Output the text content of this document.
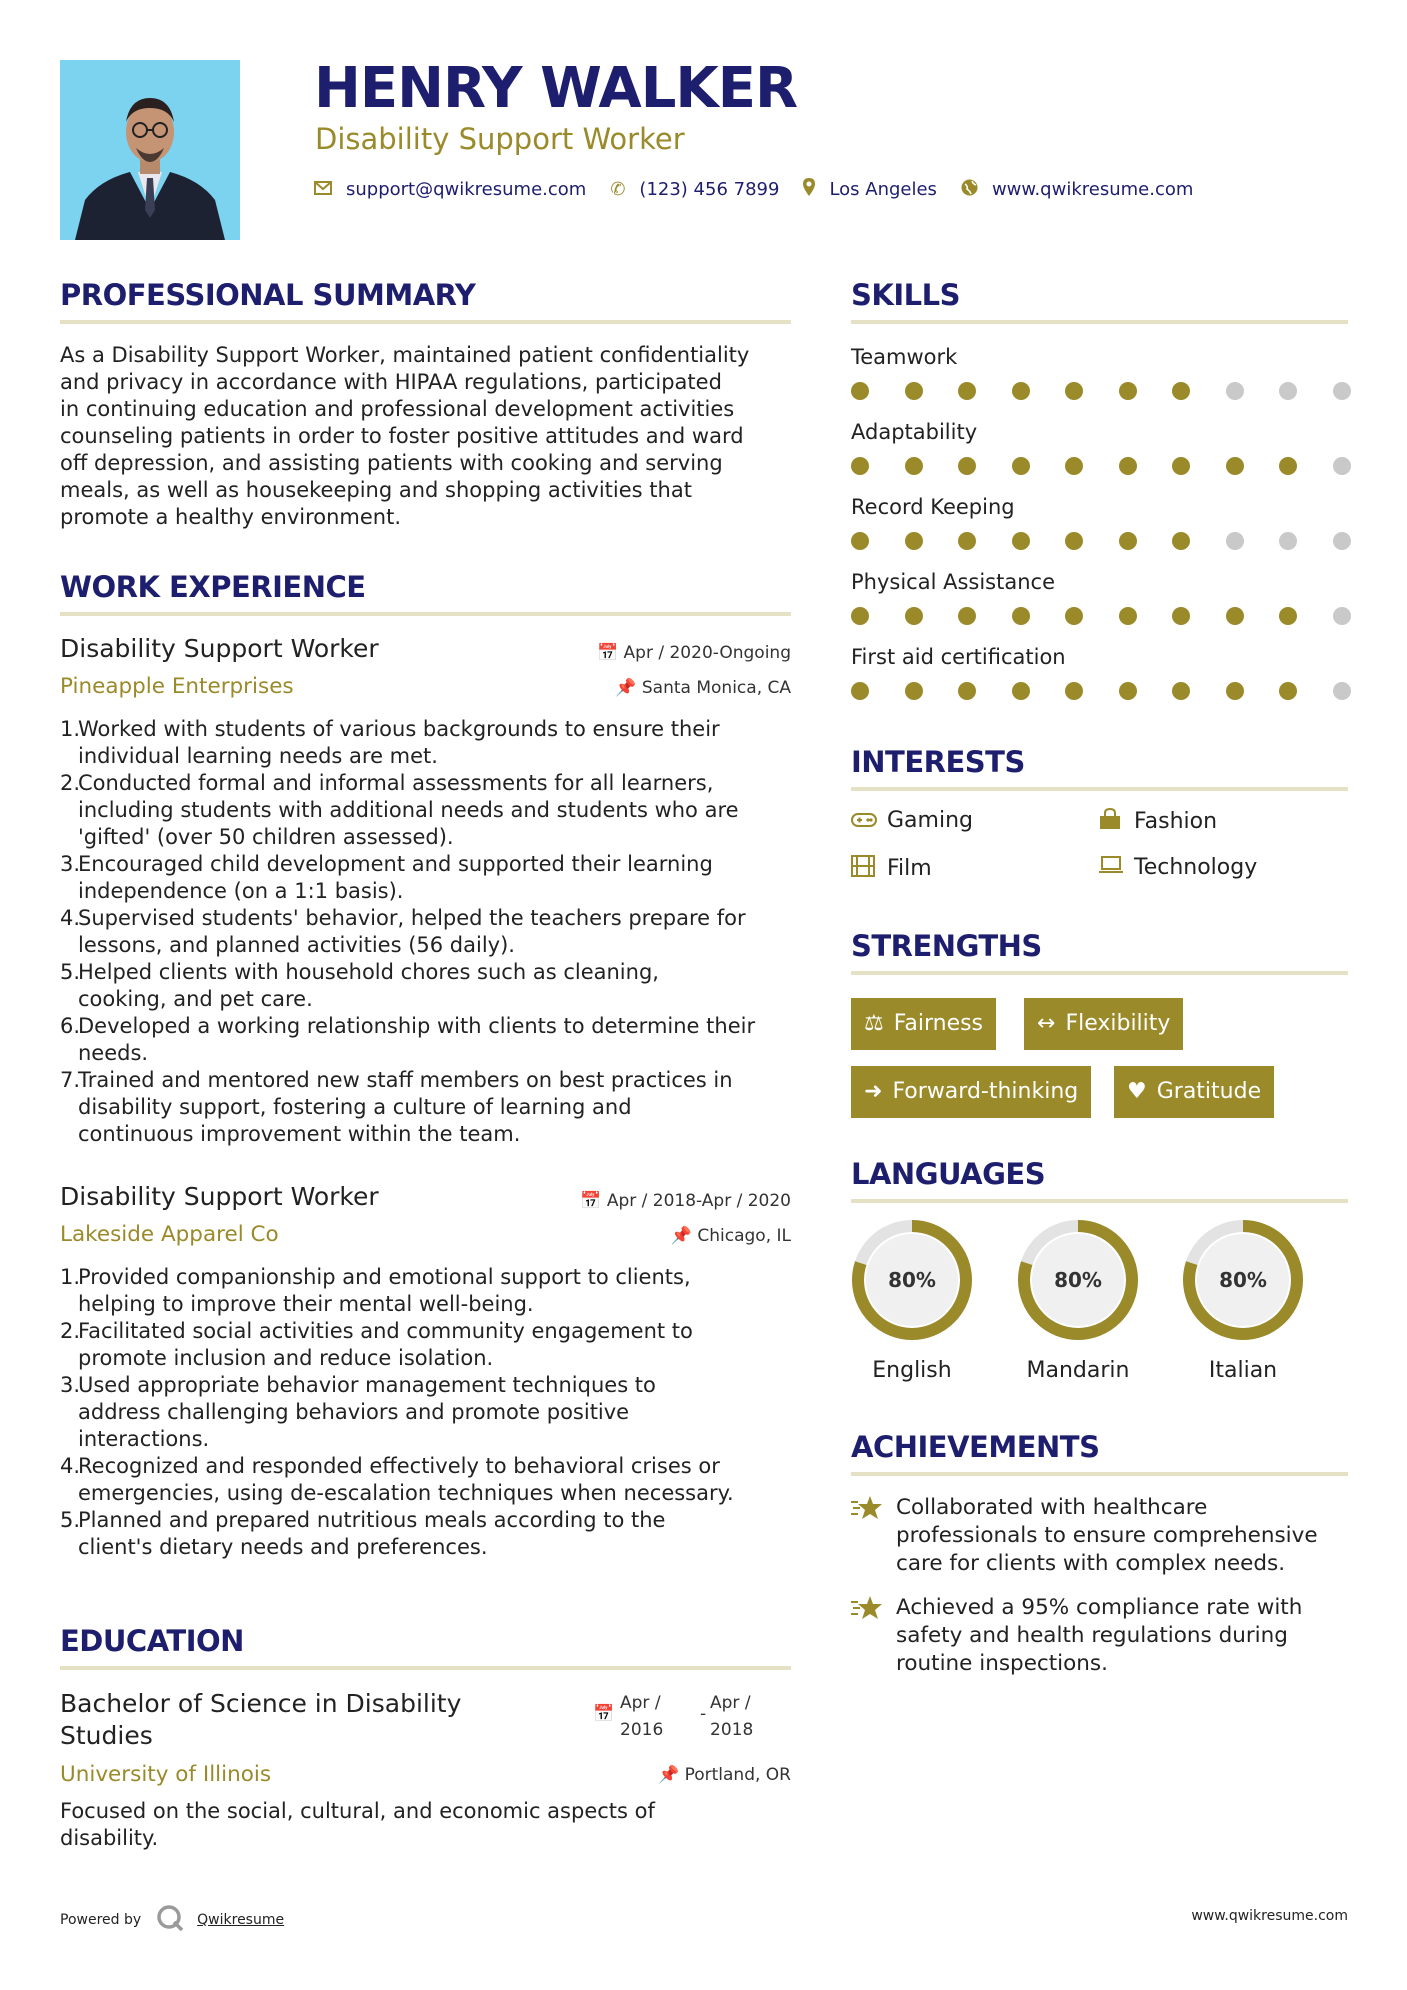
HENRY WALKER
Disability Support Worker
support@qwikresume.com ✆ (123) 456 7899	Los Angeles	www.qwikresume.com
PROFESSIONAL SUMMARY
As a Disability Support Worker, maintained patient confidentiality
and privacy in accordance with HIPAA regulations, participated
in continuing education and professional development activities
counseling patients in order to foster positive attitudes and ward
off depression, and assisting patients with cooking and serving
meals, as well as housekeeping and shopping activities that
promote a healthy environment.
WORK EXPERIENCE
Disability Support Worker	📅 Apr / 2020-Ongoing
Pineapple Enterprises	📌 Santa Monica, CA
Worked with students of various backgrounds to ensure their
individual learning needs are met.
Conducted formal and informal assessments for all learners,
including students with additional needs and students who are
'gifted' (over 50 children assessed).
Encouraged child development and supported their learning
independence (on a 1:1 basis).
Supervised students' behavior, helped the teachers prepare for
lessons, and planned activities (56 daily).
Helped clients with household chores such as cleaning,
cooking, and pet care.
Developed a working relationship with clients to determine their
needs.
Trained and mentored new staff members on best practices in
disability support, fostering a culture of learning and
continuous improvement within the team.
Disability Support Worker	📅 Apr / 2018-Apr / 2020
Lakeside Apparel Co	📌 Chicago, IL
Provided companionship and emotional support to clients,
helping to improve their mental well-being.
Facilitated social activities and community engagement to
promote inclusion and reduce isolation.
Used appropriate behavior management techniques to
address challenging behaviors and promote positive
interactions.
Recognized and responded effectively to behavioral crises or
emergencies, using de-escalation techniques when necessary.
Planned and prepared nutritious meals according to the
client's dietary needs and preferences.
EDUCATION
Bachelor of Science in Disability
Studies
📅
Apr /
2016
-
Apr /
2018
University of Illinois	📌 Portland, OR
Focused on the social, cultural, and economic aspects of
disability.
SKILLS
Teamwork
Adaptability
Record Keeping
Physical Assistance
First aid certification
INTERESTS
Gaming	Fashion
Film	Technology
STRENGTHS
⚖ Fairness	↔ Flexibility
➜ Forward-thinking	♥ Gratitude
LANGUAGES
80%
English
80%
Mandarin
80%
Italian
ACHIEVEMENTS
Collaborated with healthcare
professionals to ensure comprehensive
care for clients with complex needs.
Achieved a 95% compliance rate with
safety and health regulations during
routine inspections.
Powered by	Qwikresume	www.qwikresume.com
